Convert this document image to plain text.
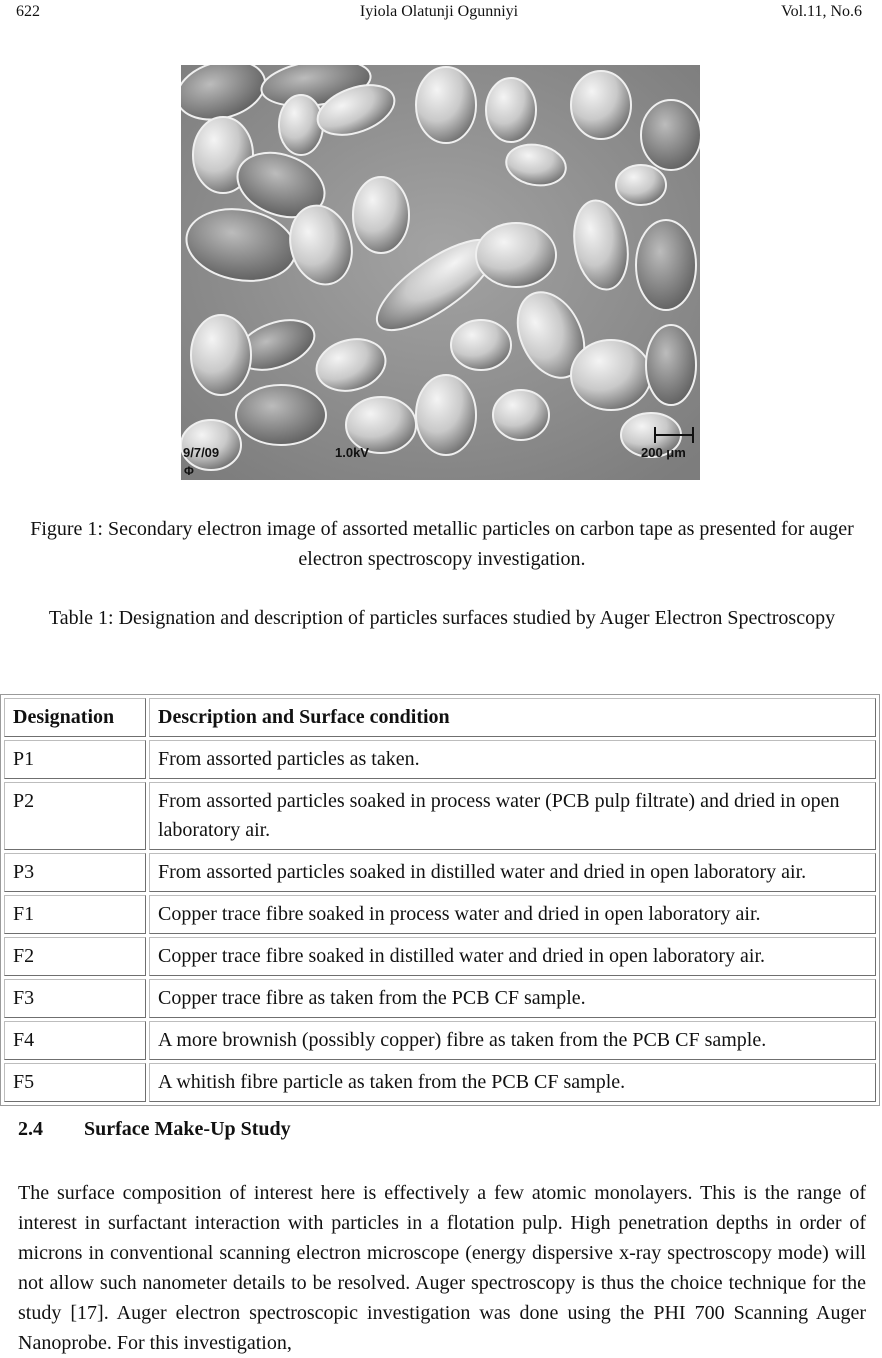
622	Iyiola Olatunji Ogunniyi	Vol.11, No.6
9/7/09
Φ
1.0kV	200 μm
Figure 1: Secondary electron image of assorted metallic particles on carbon tape as presented for auger electron spectroscopy investigation.
Table 1: Designation and description of particles surfaces studied by Auger Electron Spectroscopy
Designation	Description and Surface condition
P1	From assorted particles as taken.
P2	From assorted particles soaked in process water (PCB pulp filtrate) and dried in open laboratory air.
P3	From assorted particles soaked in distilled water and dried in open laboratory air.
F1	Copper trace fibre soaked in process water and dried in open laboratory air.
F2	Copper trace fibre soaked in distilled water and dried in open laboratory air.
F3	Copper trace fibre as taken from the PCB CF sample.
F4	A more brownish (possibly copper) fibre as taken from the PCB CF sample.
F5	A whitish fibre particle as taken from the PCB CF sample.
2.4 Surface Make-Up Study
The surface composition of interest here is effectively a few atomic monolayers. This is the range of interest in surfactant interaction with particles in a flotation pulp. High penetration depths in order of microns in conventional scanning electron microscope (energy dispersive x-ray spectroscopy mode) will not allow such nanometer details to be resolved. Auger spectroscopy is thus the choice technique for the study [17]. Auger electron spectroscopic investigation was done using the PHI 700 Scanning Auger Nanoprobe. For this investigation,
